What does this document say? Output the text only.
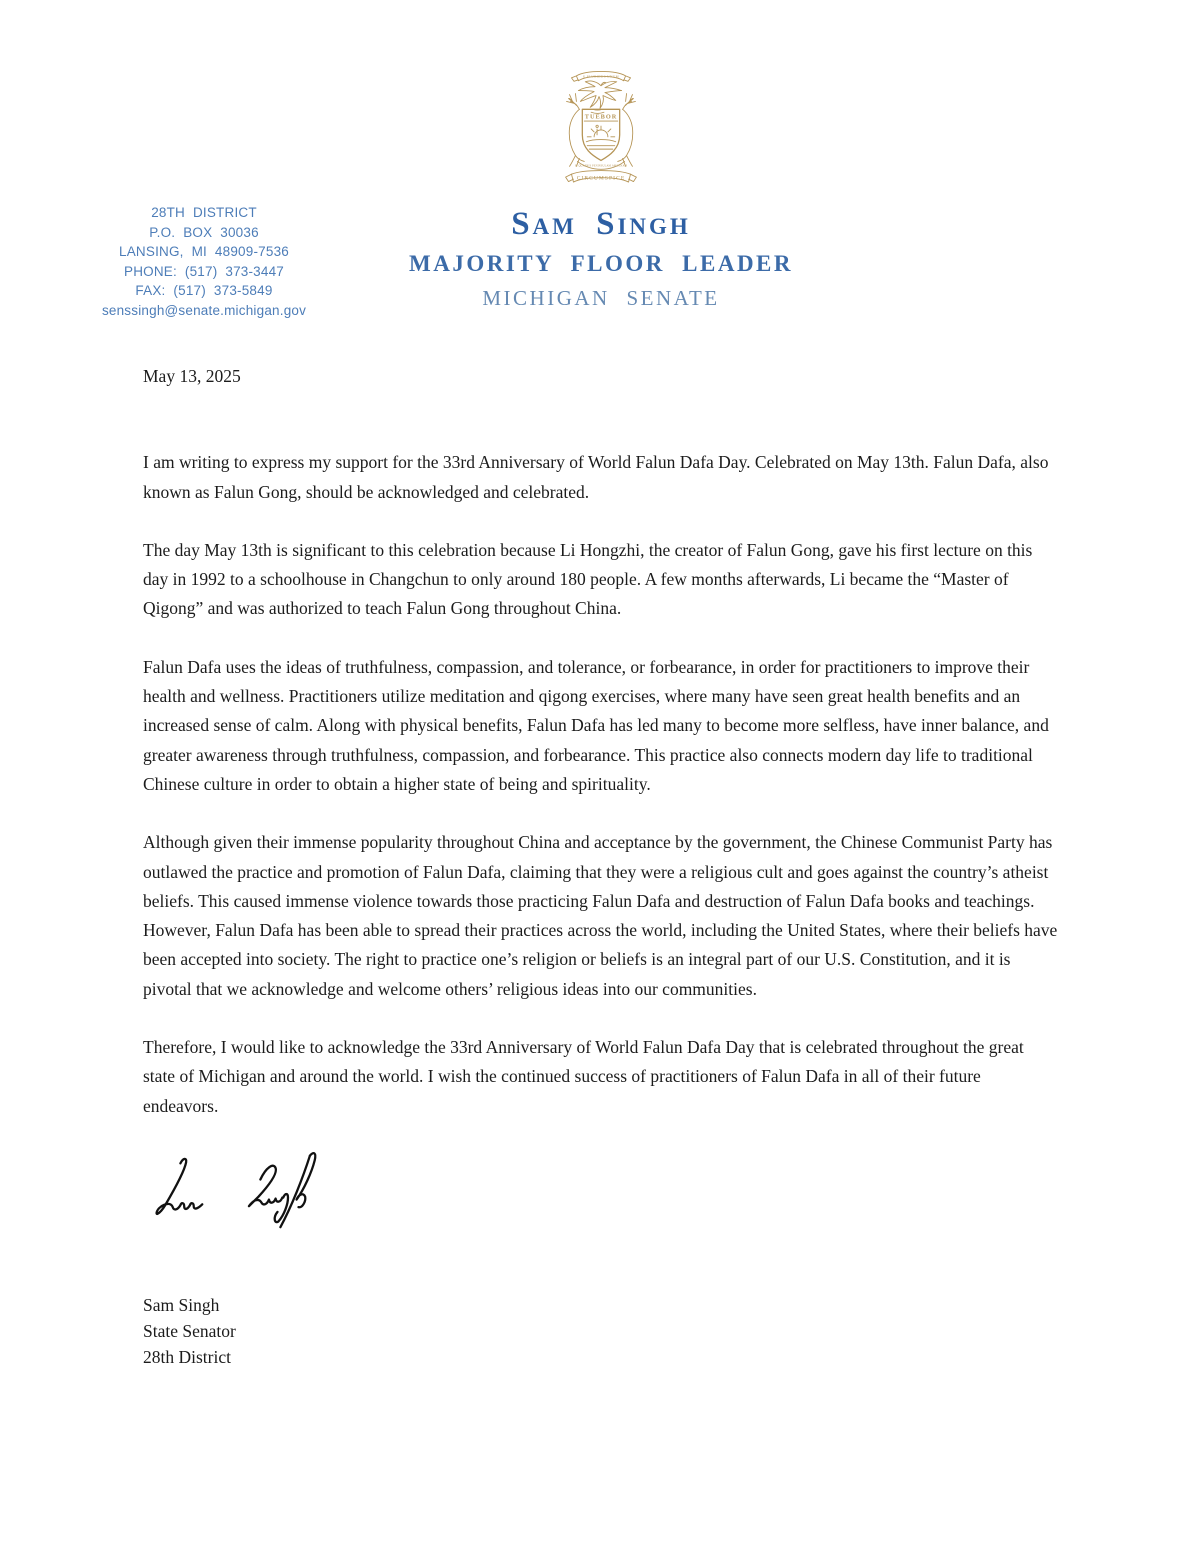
28TH DISTRICT
P.O. BOX 30036
LANSING, MI 48909-7536
PHONE: (517) 373-3447
FAX: (517) 373-5849
senssingh@senate.michigan.gov
E PLURIBUS UNUM
TUEBOR
SI QUAERIS PENINSULAM AMOENAM
CIRCUMSPICE
Sam Singh
MAJORITY FLOOR LEADER
MICHIGAN SENATE

May 13, 2025

I am writing to express my support for the 33rd Anniversary of World Falun Dafa Day. Celebrated on May 13th. Falun Dafa, also known as Falun Gong, should be acknowledged and celebrated.

The day May 13th is significant to this celebration because Li Hongzhi, the creator of Falun Gong, gave his first lecture on this day in 1992 to a schoolhouse in Changchun to only around 180 people. A few months afterwards, Li became the “Master of Qigong” and was authorized to teach Falun Gong throughout China.

Falun Dafa uses the ideas of truthfulness, compassion, and tolerance, or forbearance, in order for practitioners to improve their health and wellness. Practitioners utilize meditation and qigong exercises, where many have seen great health benefits and an increased sense of calm. Along with physical benefits, Falun Dafa has led many to become more selfless, have inner balance, and greater awareness through truthfulness, compassion, and forbearance. This practice also connects modern day life to traditional Chinese culture in order to obtain a higher state of being and spirituality.

Although given their immense popularity throughout China and acceptance by the government, the Chinese Communist Party has outlawed the practice and promotion of Falun Dafa, claiming that they were a religious cult and goes against the country’s atheist beliefs. This caused immense violence towards those practicing Falun Dafa and destruction of Falun Dafa books and teachings. However, Falun Dafa has been able to spread their practices across the world, including the United States, where their beliefs have been accepted into society. The right to practice one’s religion or beliefs is an integral part of our U.S. Constitution, and it is pivotal that we acknowledge and welcome others’ religious ideas into our communities.

Therefore, I would like to acknowledge the 33rd Anniversary of World Falun Dafa Day that is celebrated throughout the great state of Michigan and around the world. I wish the continued success of practitioners of Falun Dafa in all of their future endeavors.

Sam Singh
State Senator
28th District
